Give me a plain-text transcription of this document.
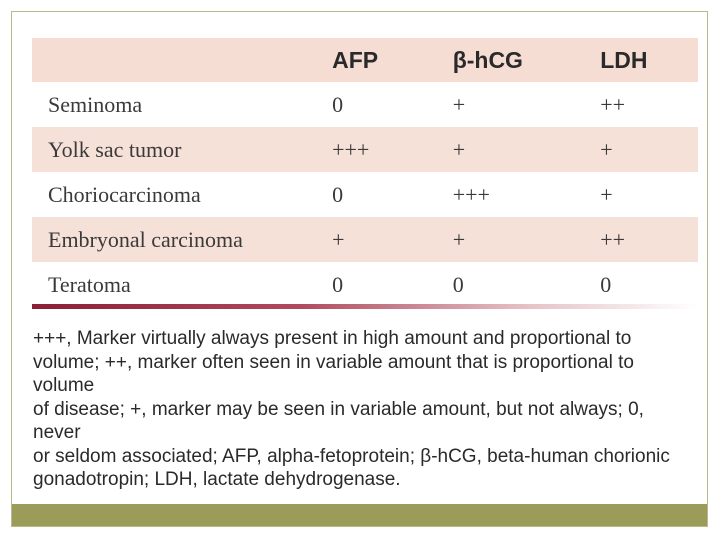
	AFP	β-hCG	LDH
Seminoma	0	+	++
Yolk sac tumor	+++	+	+
Choriocarcinoma	0	+++	+
Embryonal carcinoma	+	+	++
Teratoma	0	0	0

+++, Marker virtually always present in high amount and proportional to
volume; ++, marker often seen in variable amount that is proportional to volume
of disease; +, marker may be seen in variable amount, but not always; 0, never
or seldom associated; AFP, alpha-fetoprotein; β-hCG, beta-human chorionic
gonadotropin; LDH, lactate dehydrogenase.
